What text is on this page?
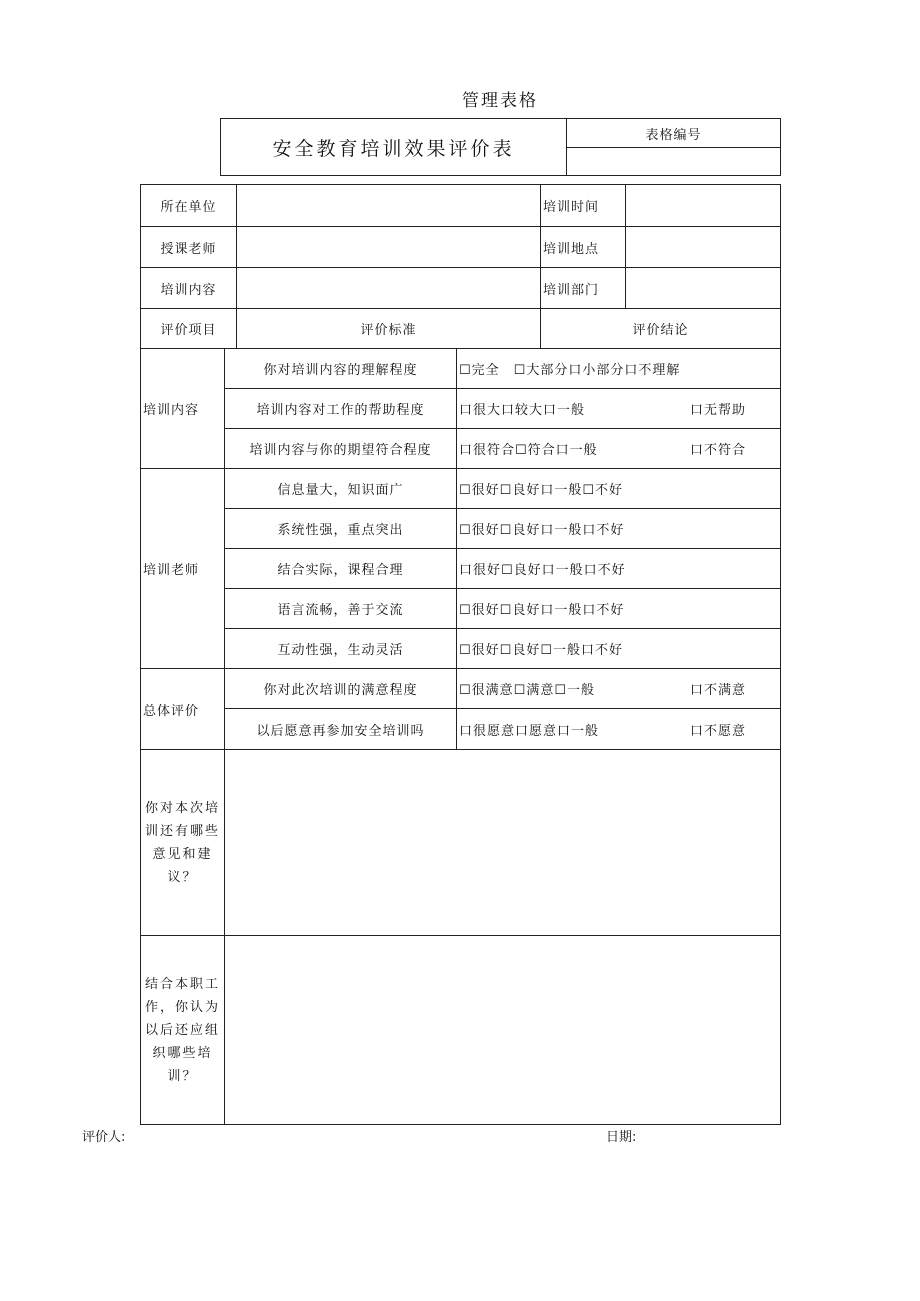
管理表格
安全教育培训效果评价表	表格编号

所在单位				培训时间

授课老师				培训地点

培训内容				培训部门

评价项目		评价标准		评价结论
培训内容	你对培训内容的理解程度		☐完全　☐大部分口小部分口不理解	

	培训内容对工作的帮助程度		口很大口较大口一般 口无帮助	

	培训内容与你的期望符合程度		口很符合☐符合口一般 口不符合	

培训老师	信息量大，知识面广		☐很好☐良好口一般☐不好	

	系统性强，重点突出		☐很好☐良好口一般口不好	

	结合实际，课程合理		口很好☐良好口一般口不好	

	语言流畅，善于交流		☐很好☐良好口一般口不好	

	互动性强，生动灵活		☐很好☐良好☐一般口不好	

总体评价	你对此次培训的满意程度		☐很满意☐满意☐一般 口不满意	

	以后愿意再参加安全培训吗		口很愿意口愿意口一般 口不愿意	

你对本次培
训还有哪些
意见和建议？				

结合本职工
作，你认为
以后还应组
织哪些培
训？				

评价人:	日期:
